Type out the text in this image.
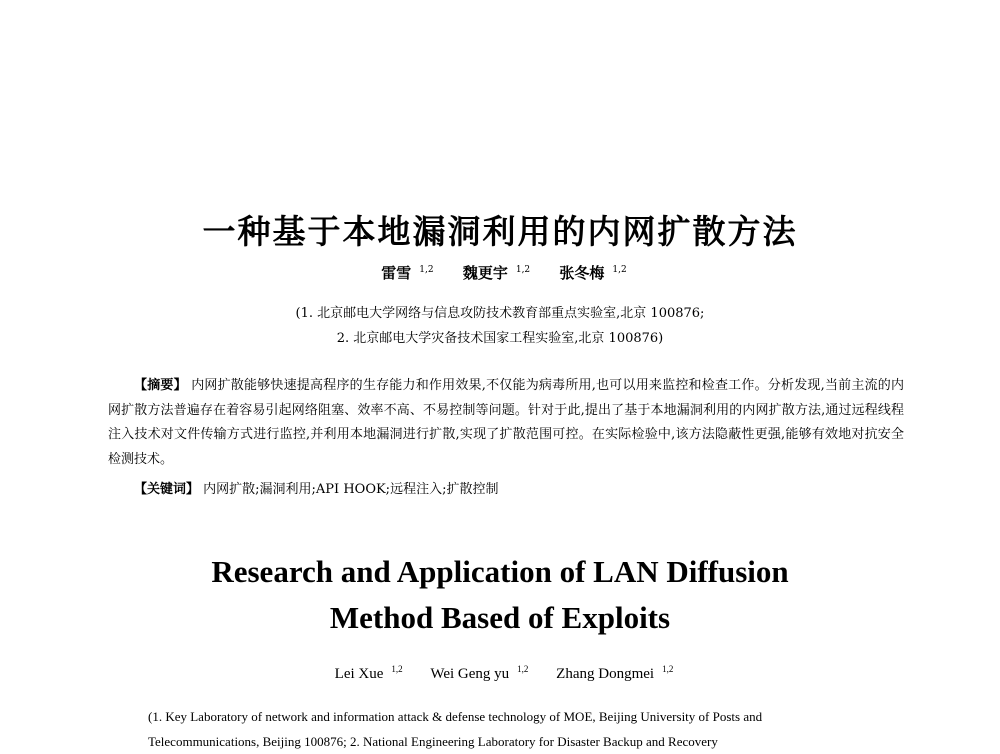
一种基于本地漏洞利用的内网扩散方法
雷雪 $^{1,2}$ 魏更宇 $^{1,2}$ 张冬梅 $^{1,2}$
(1. 北京邮电大学网络与信息攻防技术教育部重点实验室,北京 100876;
2. 北京邮电大学灾备技术国家工程实验室,北京 100876)
【摘要】 内网扩散能够快速提高程序的生存能力和作用效果,不仅能为病毒所用,也可以用来监控和检查工作。分析发现,当前主流的内网扩散方法普遍存在着容易引起网络阻塞、效率不高、不易控制等问题。针对于此,提出了基于本地漏洞利用的内网扩散方法,通过远程线程注入技术对文件传输方式进行监控,并利用本地漏洞进行扩散,实现了扩散范围可控。在实际检验中,该方法隐蔽性更强,能够有效地对抗安全检测技术。
【关键词】 内网扩散;漏洞利用;API HOOK;远程注入;扩散控制
Research and Application of LAN Diffusion
Method Based of Exploits
Lei Xue $^{1,2}$ Wei Geng yu $^{1,2}$ Zhang Dongmei $^{1,2}$
(1. Key Laboratory of network and information attack & defense technology of MOE, Beijing University of Posts and Telecommunications, Beijing 100876; 2. National Engineering Laboratory for Disaster Backup and Recovery
